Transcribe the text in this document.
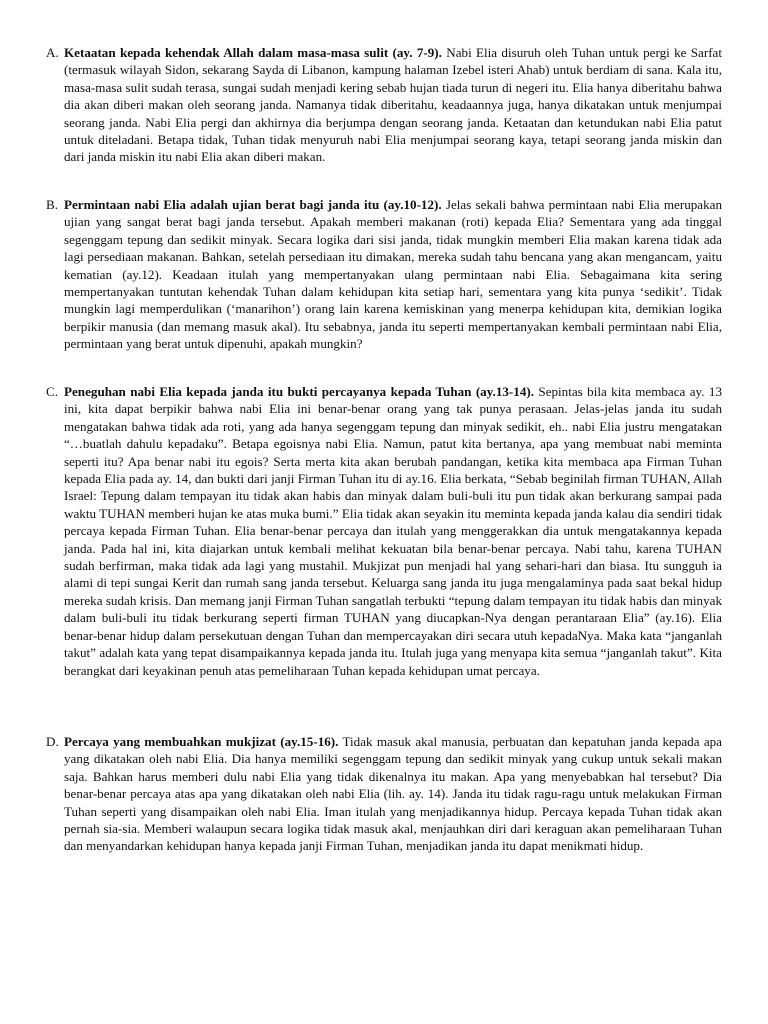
A. Ketaatan kepada kehendak Allah dalam masa-masa sulit (ay. 7-9). Nabi Elia disuruh oleh Tuhan untuk pergi ke Sarfat (termasuk wilayah Sidon, sekarang Sayda di Libanon, kampung halaman Izebel isteri Ahab) untuk berdiam di sana. Kala itu, masa-masa sulit sudah terasa, sungai sudah menjadi kering sebab hujan tiada turun di negeri itu. Elia hanya diberitahu bahwa dia akan diberi makan oleh seorang janda. Namanya tidak diberitahu, keadaannya juga, hanya dikatakan untuk menjumpai seorang janda. Nabi Elia pergi dan akhirnya dia berjumpa dengan seorang janda. Ketaatan dan ketundukan nabi Elia patut untuk diteladani. Betapa tidak, Tuhan tidak menyuruh nabi Elia menjumpai seorang kaya, tetapi seorang janda miskin dan dari janda miskin itu nabi Elia akan diberi makan.

B. Permintaan nabi Elia adalah ujian berat bagi janda itu (ay.10-12). Jelas sekali bahwa permintaan nabi Elia merupakan ujian yang sangat berat bagi janda tersebut. Apakah memberi makanan (roti) kepada Elia? Sementara yang ada tinggal segenggam tepung dan sedikit minyak. Secara logika dari sisi janda, tidak mungkin memberi Elia makan karena tidak ada lagi persediaan makanan. Bahkan, setelah persediaan itu dimakan, mereka sudah tahu bencana yang akan mengancam, yaitu kematian (ay.12). Keadaan itulah yang mempertanyakan ulang permintaan nabi Elia. Sebagaimana kita sering mempertanyakan tuntutan kehendak Tuhan dalam kehidupan kita setiap hari, sementara yang kita punya ‘sedikit’. Tidak mungkin lagi memperdulikan (‘manarihon’) orang lain karena kemiskinan yang menerpa kehidupan kita, demikian logika berpikir manusia (dan memang masuk akal). Itu sebabnya, janda itu seperti mempertanyakan kembali permintaan nabi Elia, permintaan yang berat untuk dipenuhi, apakah mungkin?

C. Peneguhan nabi Elia kepada janda itu bukti percayanya kepada Tuhan (ay.13-14). Sepintas bila kita membaca ay. 13 ini, kita dapat berpikir bahwa nabi Elia ini benar-benar orang yang tak punya perasaan. Jelas-jelas janda itu sudah mengatakan bahwa tidak ada roti, yang ada hanya segenggam tepung dan minyak sedikit, eh.. nabi Elia justru mengatakan “…buatlah dahulu kepadaku”. Betapa egoisnya nabi Elia. Namun, patut kita bertanya, apa yang membuat nabi meminta seperti itu? Apa benar nabi itu egois? Serta merta kita akan berubah pandangan, ketika kita membaca apa Firman Tuhan kepada Elia pada ay. 14, dan bukti dari janji Firman Tuhan itu di ay.16. Elia berkata, “Sebab beginilah firman TUHAN, Allah Israel: Tepung dalam tempayan itu tidak akan habis dan minyak dalam buli-buli itu pun tidak akan berkurang sampai pada waktu TUHAN memberi hujan ke atas muka bumi.” Elia tidak akan seyakin itu meminta kepada janda kalau dia sendiri tidak percaya kepada Firman Tuhan. Elia benar-benar percaya dan itulah yang menggerakkan dia untuk mengatakannya kepada janda. Pada hal ini, kita diajarkan untuk kembali melihat kekuatan bila benar-benar percaya. Nabi tahu, karena TUHAN sudah berfirman, maka tidak ada lagi yang mustahil. Mukjizat pun menjadi hal yang sehari-hari dan biasa. Itu sungguh ia alami di tepi sungai Kerit dan rumah sang janda tersebut. Keluarga sang janda itu juga mengalaminya pada saat bekal hidup mereka sudah krisis. Dan memang janji Firman Tuhan sangatlah terbukti “tepung dalam tempayan itu tidak habis dan minyak dalam buli-buli itu tidak berkurang seperti firman TUHAN yang diucapkan-Nya dengan perantaraan Elia” (ay.16). Elia benar-benar hidup dalam persekutuan dengan Tuhan dan mempercayakan diri secara utuh kepadaNya. Maka kata “janganlah takut” adalah kata yang tepat disampaikannya kepada janda itu. Itulah juga yang menyapa kita semua “janganlah takut”. Kita berangkat dari keyakinan penuh atas pemeliharaan Tuhan kepada kehidupan umat percaya.

D. Percaya yang membuahkan mukjizat (ay.15-16). Tidak masuk akal manusia, perbuatan dan kepatuhan janda kepada apa yang dikatakan oleh nabi Elia. Dia hanya memiliki segenggam tepung dan sedikit minyak yang cukup untuk sekali makan saja. Bahkan harus memberi dulu nabi Elia yang tidak dikenalnya itu makan. Apa yang menyebabkan hal tersebut? Dia benar-benar percaya atas apa yang dikatakan oleh nabi Elia (lih. ay. 14). Janda itu tidak ragu-ragu untuk melakukan Firman Tuhan seperti yang disampaikan oleh nabi Elia. Iman itulah yang menjadikannya hidup. Percaya kepada Tuhan tidak akan pernah sia-sia. Memberi walaupun secara logika tidak masuk akal, menjauhkan diri dari keraguan akan pemeliharaan Tuhan dan menyandarkan kehidupan hanya kepada janji Firman Tuhan, menjadikan janda itu dapat menikmati hidup.
